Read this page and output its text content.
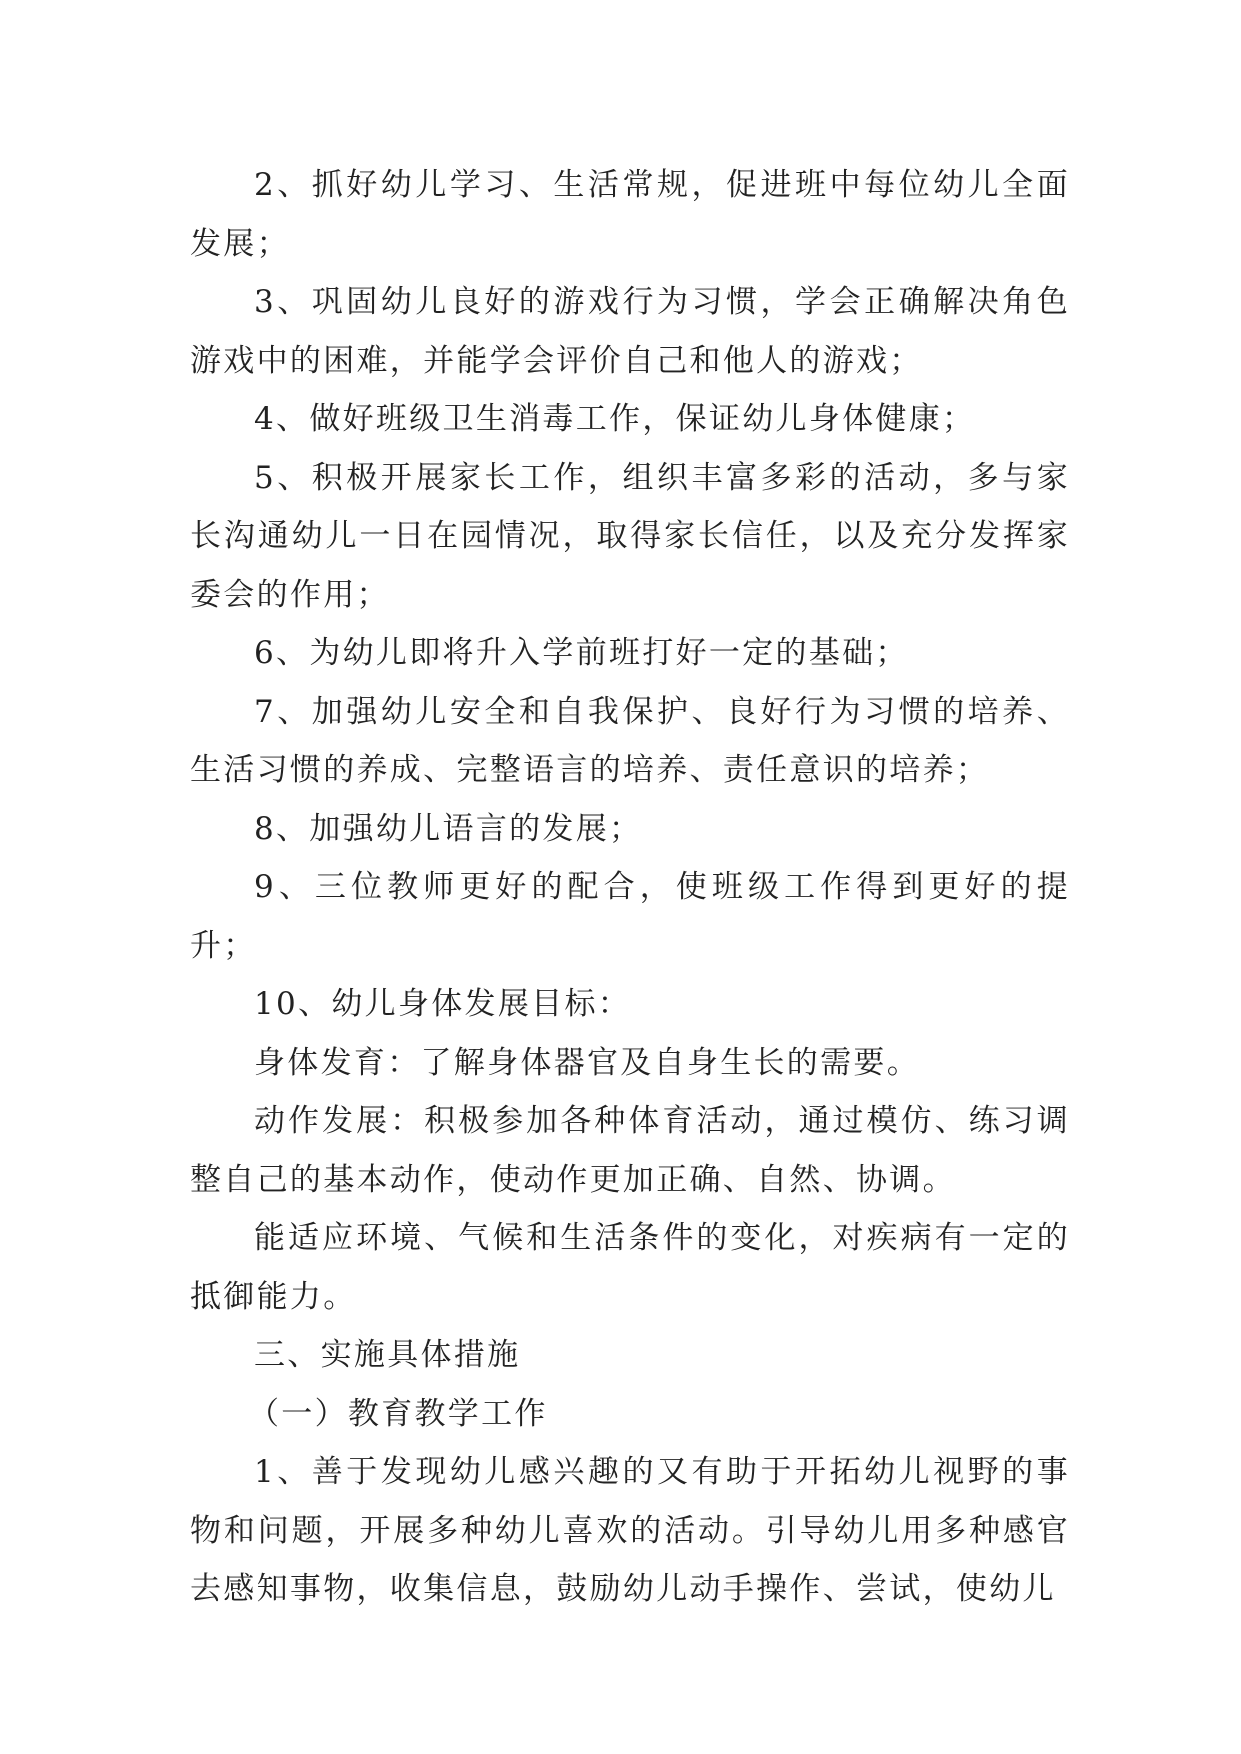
2、抓好幼儿学习、生活常规，促进班中每位幼儿全面发展；

3、巩固幼儿良好的游戏行为习惯，学会正确解决角色游戏中的困难，并能学会评价自己和他人的游戏；

4、做好班级卫生消毒工作，保证幼儿身体健康；

5、积极开展家长工作，组织丰富多彩的活动，多与家长沟通幼儿一日在园情况，取得家长信任，以及充分发挥家委会的作用；

6、为幼儿即将升入学前班打好一定的基础；

7、加强幼儿安全和自我保护、良好行为习惯的培养、生活习惯的养成、完整语言的培养、责任意识的培养；

8、加强幼儿语言的发展；

9、三位教师更好的配合，使班级工作得到更好的提升；

10、幼儿身体发展目标：

身体发育：了解身体器官及自身生长的需要。

动作发展：积极参加各种体育活动，通过模仿、练习调整自己的基本动作，使动作更加正确、自然、协调。

能适应环境、气候和生活条件的变化，对疾病有一定的抵御能力。

三、实施具体措施

（一）教育教学工作

1、善于发现幼儿感兴趣的又有助于开拓幼儿视野的事物和问题，开展多种幼儿喜欢的活动。引导幼儿用多种感官去感知事物，收集信息，鼓励幼儿动手操作、尝试，使幼儿
